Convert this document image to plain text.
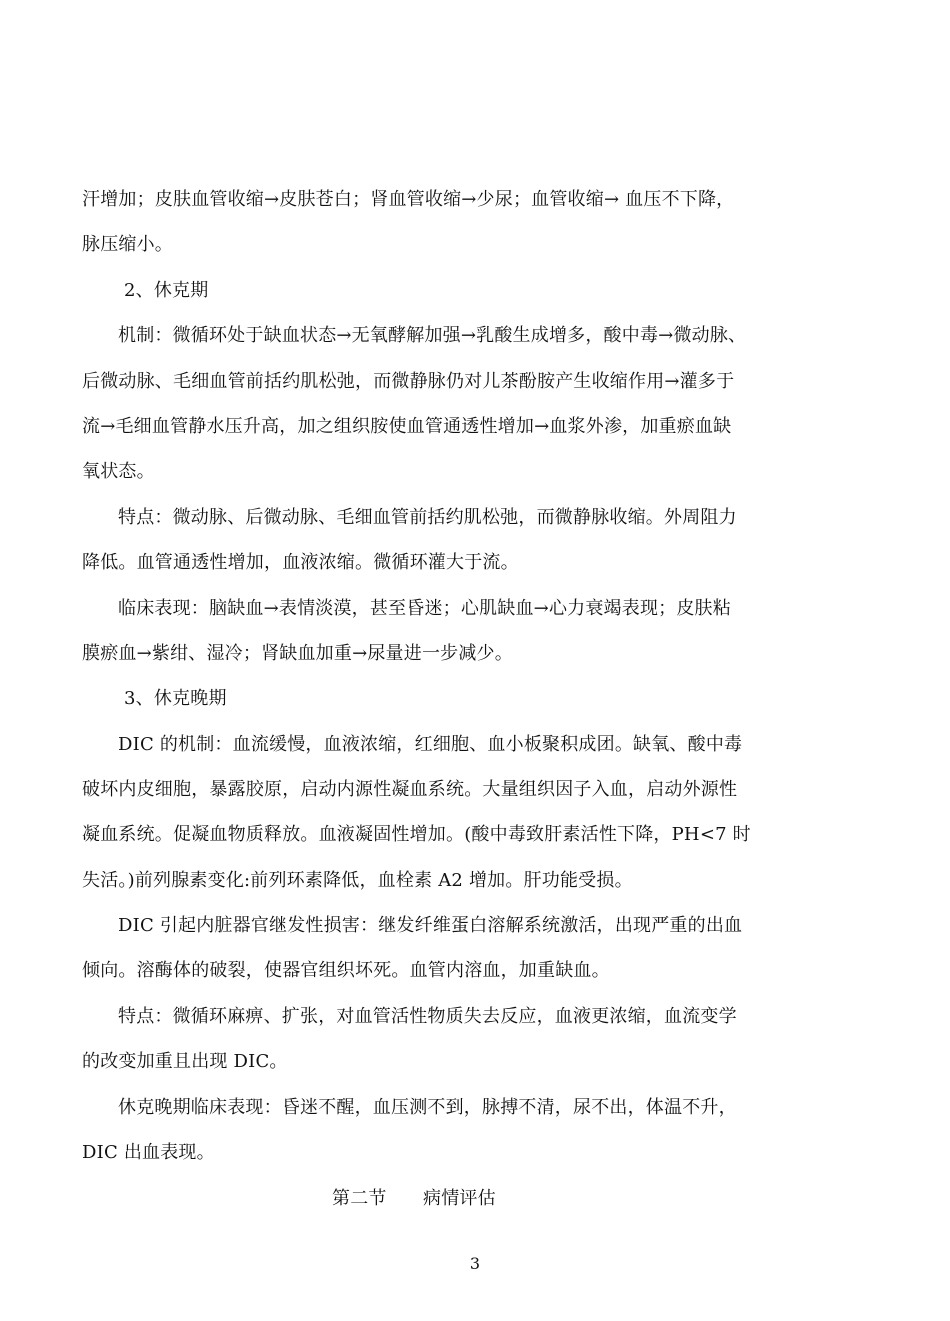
汗增加；皮肤血管收缩→皮肤苍白；肾血管收缩→少尿；血管收缩→ 血压不下降，
脉压缩小。
2、休克期
机制：微循环处于缺血状态→无氧酵解加强→乳酸生成增多，酸中毒→微动脉、
后微动脉、毛细血管前括约肌松弛，而微静脉仍对儿茶酚胺产生收缩作用→灌多于
流→毛细血管静水压升高，加之组织胺使血管通透性增加→血浆外渗，加重瘀血缺
氧状态。
特点：微动脉、后微动脉、毛细血管前括约肌松弛，而微静脉收缩。外周阻力
降低。血管通透性增加，血液浓缩。微循环灌大于流。
临床表现：脑缺血→表情淡漠，甚至昏迷；心肌缺血→心力衰竭表现；皮肤粘
膜瘀血→紫绀、湿冷；肾缺血加重→尿量进一步减少。
3、休克晚期
DIC 的机制：血流缓慢，血液浓缩，红细胞、血小板聚积成团。缺氧、酸中毒
破坏内皮细胞，暴露胶原，启动内源性凝血系统。大量组织因子入血，启动外源性
凝血系统。促凝血物质释放。血液凝固性增加。(酸中毒致肝素活性下降，PH<7 时
失活。)前列腺素变化:前列环素降低，血栓素 A2 增加。肝功能受损。
DIC 引起内脏器官继发性损害：继发纤维蛋白溶解系统激活，出现严重的出血
倾向。溶酶体的破裂，使器官组织坏死。血管内溶血，加重缺血。
特点：微循环麻痹、扩张，对血管活性物质失去反应，血液更浓缩，血流变学
的改变加重且出现 DIC。
休克晚期临床表现：昏迷不醒，血压测不到，脉搏不清，尿不出，体温不升，
DIC 出血表现。
第二节　　病情评估
3
